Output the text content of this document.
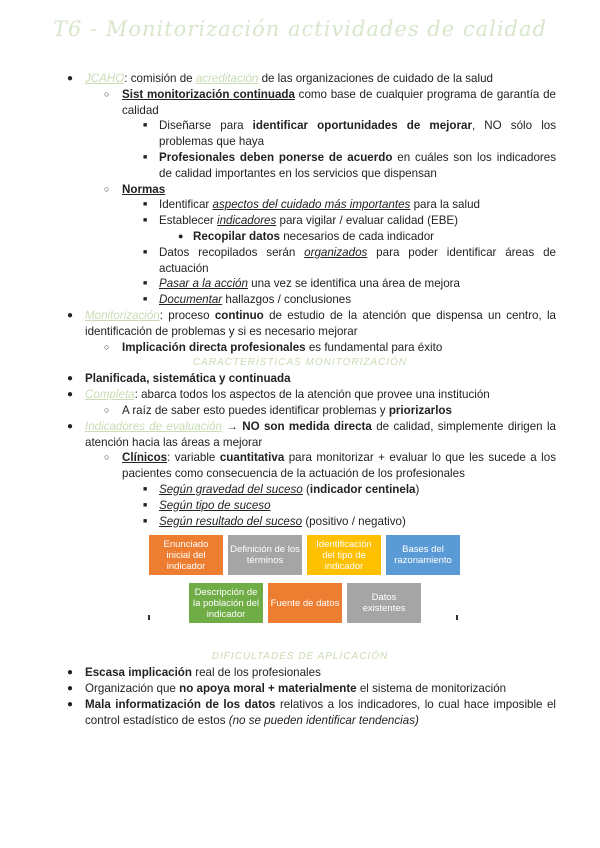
T6 - Monitorización actividades de calidad
● JCAHO: comisión de acreditación de las organizaciones de cuidado de la salud
○ Sist monitorización continuada como base de cualquier programa de garantía de calidad
■ Diseñarse para identificar oportunidades de mejorar, NO sólo los problemas que haya
■ Profesionales deben ponerse de acuerdo en cuáles son los indicadores de calidad importantes en los servicios que dispensan
○ Normas
■ Identificar aspectos del cuidado más importantes para la salud
■ Establecer indicadores para vigilar / evaluar calidad (EBE)
● Recopilar datos necesarios de cada indicador
■ Datos recopilados serán organizados para poder identificar áreas de actuación
■ Pasar a la acción una vez se identifica una área de mejora
■ Documentar hallazgos / conclusiones
● Monitorización: proceso continuo de estudio de la atención que dispensa un centro, la identificación de problemas y si es necesario mejorar
○ Implicación directa profesionales es fundamental para éxito
CARACTERÍSTICAS MONITORIZACIÓN
● Planificada, sistemática y continuada
● Completa: abarca todos los aspectos de la atención que provee una institución
○ A raíz de saber esto puedes identificar problemas y priorizarlos
● Indicadores de evaluación → NO son medida directa de calidad, simplemente dirigen la atención hacia las áreas a mejorar
○ Clínicos: variable cuantitativa para monitorizar + evaluar lo que les sucede a los pacientes como consecuencia de la actuación de los profesionales
■ Según gravedad del suceso (indicador centinela)
■ Según tipo de suceso
■ Según resultado del suceso (positivo / negativo)
Enunciado inicial del indicador
Definición de los términos
Identificación del tipo de indicador
Bases del razonamiento
Descripción de la población del indicador
Fuente de datos	Datos existentes
DIFICULTADES DE APLICACIÓN
● Escasa implicación real de los profesionales
● Organización que no apoya moral + materialmente el sistema de monitorización
● Mala informatización de los datos relativos a los indicadores, lo cual hace imposible el control estadístico de estos (no se pueden identificar tendencias)
